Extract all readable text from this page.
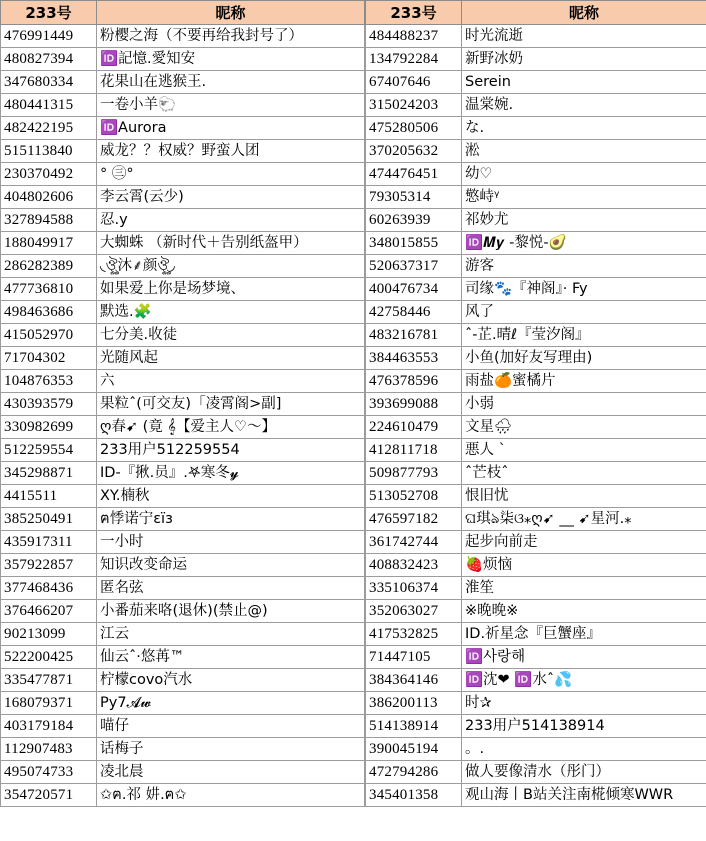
233号	昵称
476991449	粉樱之海（不要再给我封号了）
480827394	🆔記憶.愛知安
347680334	花果山在逃猴王.
480441315	一卷小羊🐑
482422195	🆔Aurora
515113840	威龙？？权威？野蛮人团
230370492	° ㊂°
404802606	李云霄(云少)
327894588	忍.y
188049917	大蜘蛛 （新时代＋告别纸盔甲）
286282389	◟ঔৣ沐⸙颜ঔৣ◞
477736810	如果爱上你是场梦境、
498463686	默选.🧩
415052970	七分美.收徒
71704302	光随风起
104876353	六
430393579	果粒ˆ(可交友)「凌霄阁>副]
330982699	ღ春➹ (竟 𝄞【爱主人♡～】
512259554	233用户512259554
345298871	ID-『揪.员』.𖤐寒冬𝔂
4415511	XY.楠秋
385250491	ฅ悸诺宁ɛïɜ
435917311	一小时
357922857	知识改变命运
377468436	匿名弦
376466207	小番茄来咯(退休)(禁止@)
90213099	江云
522200425	仙云ˆ·悠苒™
335477871	柠檬covo汽水
168079371	Py7𝓐𝔀
403179184	喵仔
112907483	话梅子
495074733	凌北晨
354720571	✩ฅ.祁 妌.ฅ✩
233号	昵称
484488237	时光流逝
134792284	新野冰奶
67407646	Serein
315024203	温棠婉.
475280506	な.
370205632	淞
474476451	幼♡
79305314	憼峙ᵞ
60263939	祁妙尤
348015855	🆔𝑴𝒚 -黎悦-🥑
520637317	游客
400476734	司缘🐾『神阁』· Fy
42758446	风了
483216781	ˆ-芷.晴ℓ『莹汐阁』
384463553	小鱼(加好友写理由)
476378596	雨盐🍊蜜橘片
393699088	小弱
224610479	文星🌧
412811718	悪人 ˋ
509877793	ˆ芒枝ˆ
513052708	恨旧忧
476597182	ଘ琪ঌ柒ଓ⁎ღ➹ __ ➹星河.⁎
361742744	起步向前走
408832423	🍓烦恼
335106374	淮笙
352063027	※晚晚※
417532825	ID.祈星念『巨蟹座』
71447105	🆔사랑해
384364146	🆔沈❤ 🆔水ˆ💦
386200113	时✰
514138914	233用户514138914
390045194	。.
472794286	做人要像清水（彤门）
345401358	观山海丨B站关注南椛倾寒WWR
